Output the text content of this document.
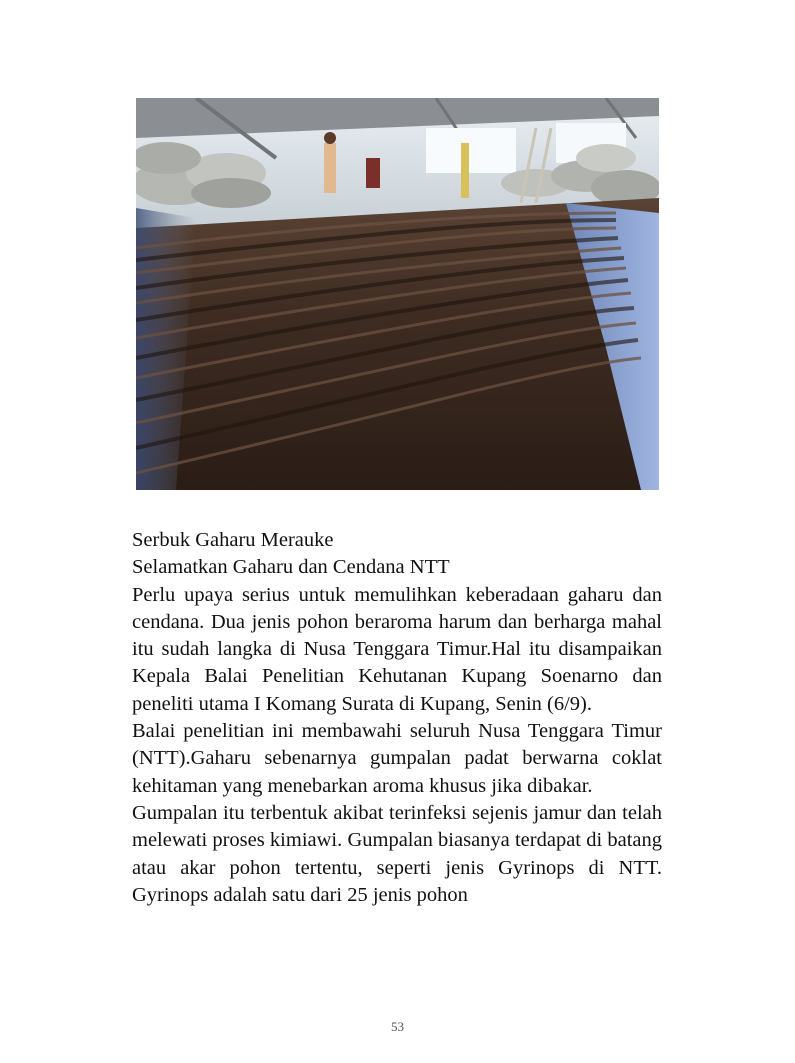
Serbuk Gaharu Merauke

Selamatkan Gaharu dan Cendana NTT

Perlu upaya serius untuk memulihkan keberadaan gaharu dan cendana. Dua jenis pohon beraroma harum dan berharga mahal itu sudah langka di Nusa Tenggara Timur.Hal itu disampaikan Kepala Balai Penelitian Kehutanan Kupang Soenarno dan peneliti utama I Komang Surata di Kupang, Senin (6/9).

Balai penelitian ini membawahi seluruh Nusa Tenggara Timur (NTT).Gaharu sebenarnya gumpalan padat berwarna coklat kehitaman yang menebarkan aroma khusus jika dibakar.

Gumpalan itu terbentuk akibat terinfeksi sejenis jamur dan telah melewati proses kimiawi. Gumpalan biasanya terdapat di batang atau akar pohon tertentu, seperti jenis Gyrinops di NTT. Gyrinops adalah satu dari 25 jenis pohon

53
